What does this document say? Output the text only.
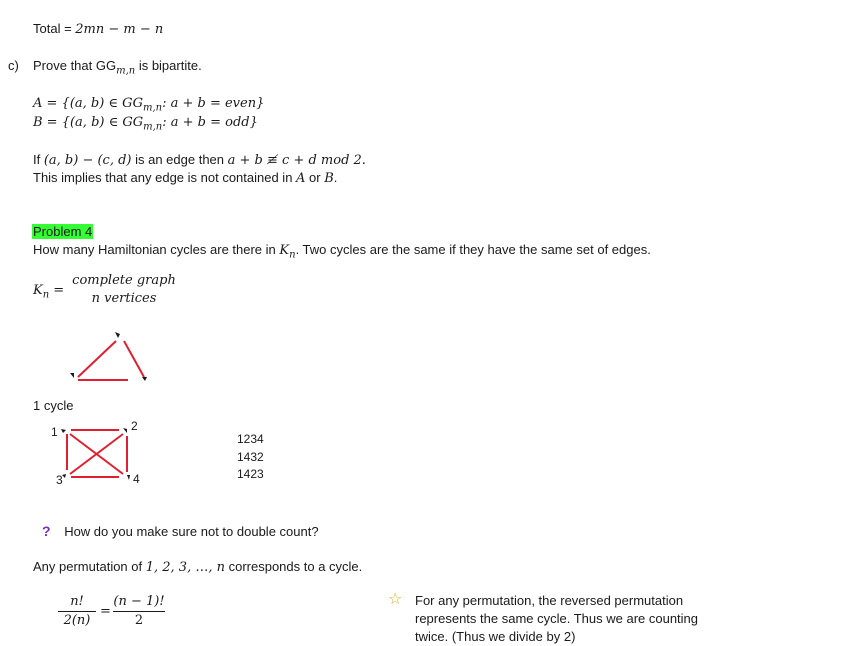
Total = 2mn − m − n
c) Prove that $GG_{m,n}$ is bipartite.
A = {(a, b) ∈ $GG_{m,n}$: a + b = even}
B = {(a, b) ∈ $GG_{m,n}$: a + b = odd}
If (a, b) − (c, d) is an edge then a + b ≢ c + d mod 2.
This implies that any edge is not contained in A or B.
Problem 4
How many Hamiltonian cycles are there in $K_n$. Two cycles are the same if they have the same set of edges.
$K_n$ =
complete graph
n vertices
1 cycle
1	2
3	4
1234
1432
1423
? How do you make sure not to double count?
Any permutation of 1, 2, 3, …, n corresponds to a cycle.
n!
2(n)
=
(n − 1)!
2
☆ For any permutation, the reversed permutation
represents the same cycle. Thus we are counting
twice. (Thus we divide by 2)
